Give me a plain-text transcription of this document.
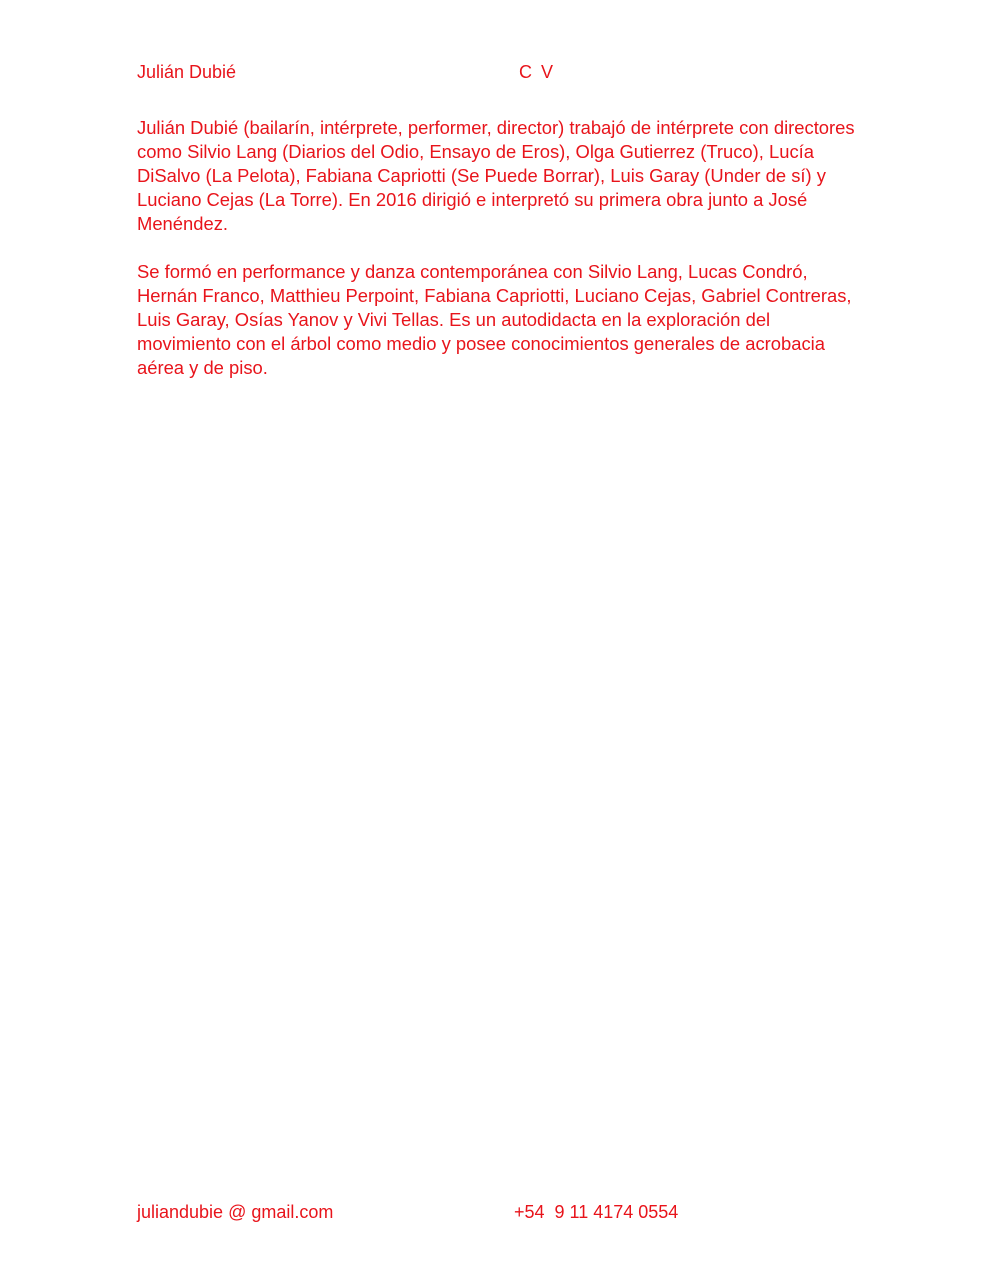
Julián Dubié	C V

Julián Dubié (bailarín, intérprete, performer, director) trabajó de intérprete con directores como Silvio Lang (Diarios del Odio, Ensayo de Eros), Olga Gutierrez (Truco), Lucía DiSalvo (La Pelota), Fabiana Capriotti (Se Puede Borrar), Luis Garay (Under de sí) y Luciano Cejas (La Torre). En 2016 dirigió e interpretó su primera obra junto a José Menéndez.

Se formó en performance y danza contemporánea con Silvio Lang, Lucas Condró, Hernán Franco, Matthieu Perpoint, Fabiana Capriotti, Luciano Cejas, Gabriel Contreras, Luis Garay, Osías Yanov y Vivi Tellas. Es un autodidacta en la exploración del movimiento con el árbol como medio y posee conocimientos generales de acrobacia aérea y de piso.

juliandubie @ gmail.com	+54  9 11 4174 0554
